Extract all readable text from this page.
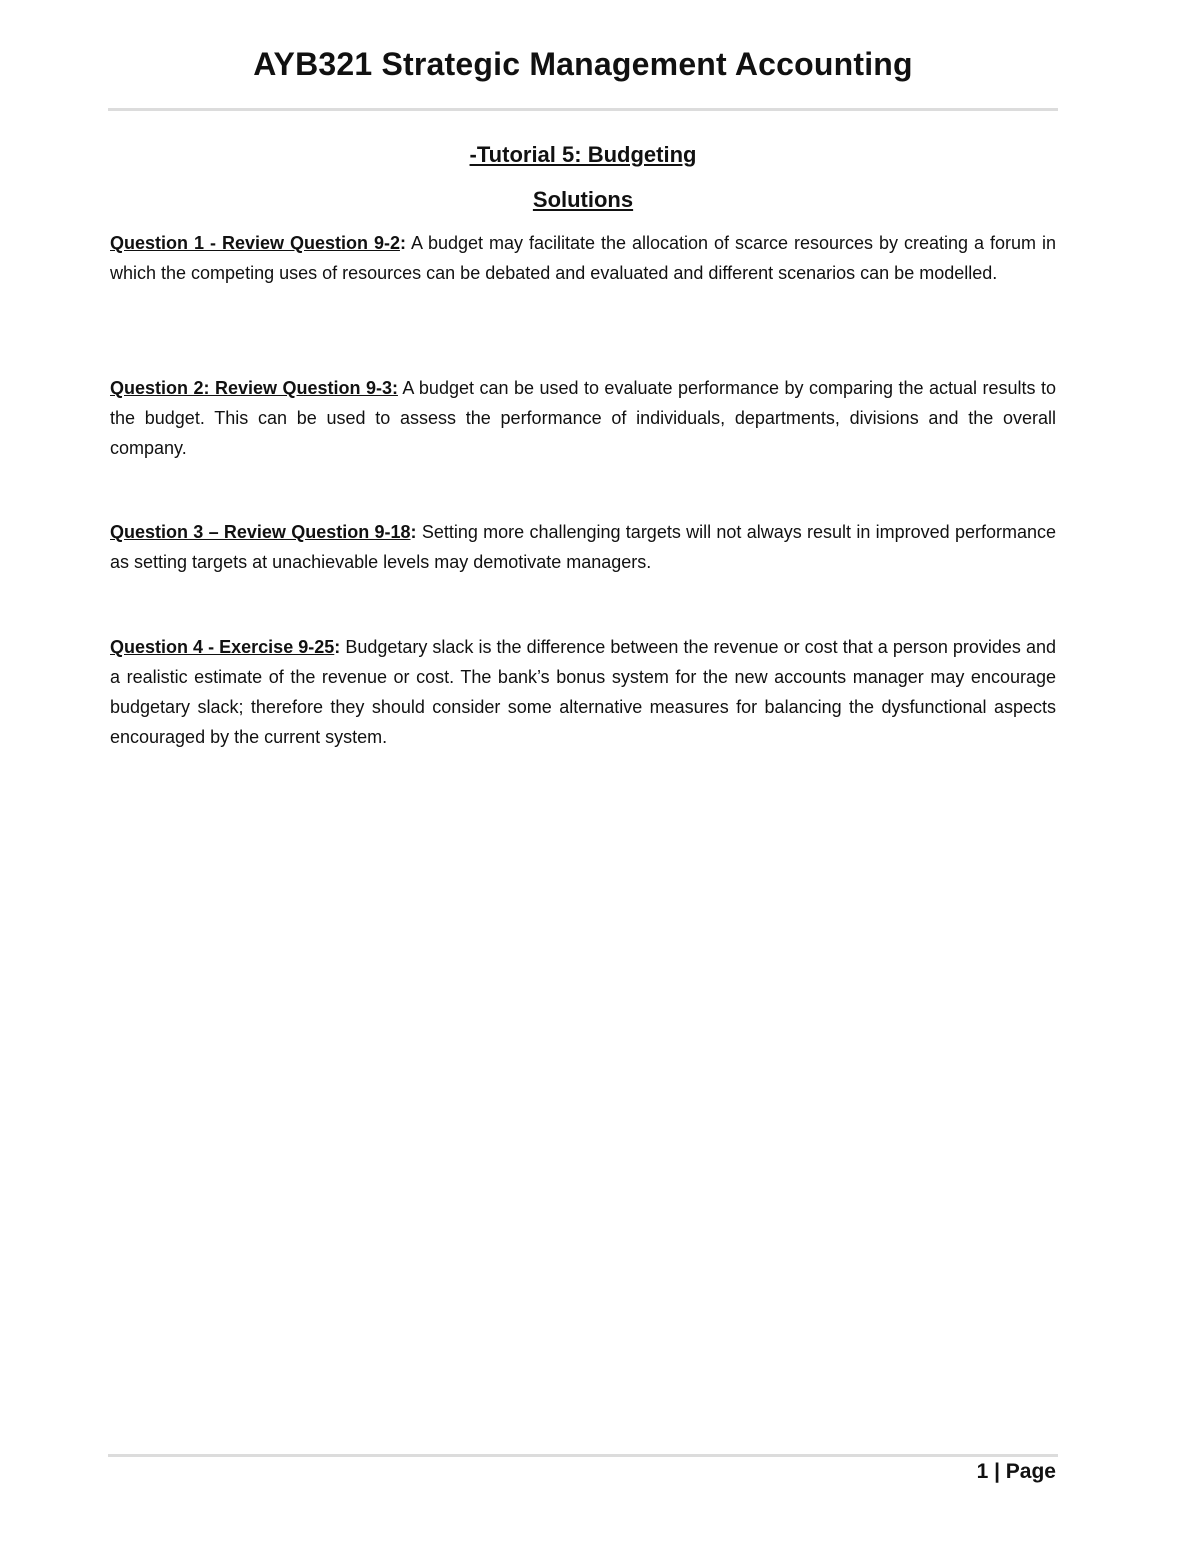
AYB321 Strategic Management Accounting
-Tutorial 5: Budgeting
Solutions

Question 1 - Review Question 9-2: A budget may facilitate the allocation of scarce resources by creating a forum in which the competing uses of resources can be debated and evaluated and different scenarios can be modelled.

Question 2: Review Question 9-3: A budget can be used to evaluate performance by comparing the actual results to the budget. This can be used to assess the performance of individuals, departments, divisions and the overall company.

Question 3 – Review Question 9-18: Setting more challenging targets will not always result in improved performance as setting targets at unachievable levels may demotivate managers.

Question 4 - Exercise 9-25: Budgetary slack is the difference between the revenue or cost that a person provides and a realistic estimate of the revenue or cost. The bank’s bonus system for the new accounts manager may encourage budgetary slack; therefore they should consider some alternative measures for balancing the dysfunctional aspects encouraged by the current system.

1 | Page
